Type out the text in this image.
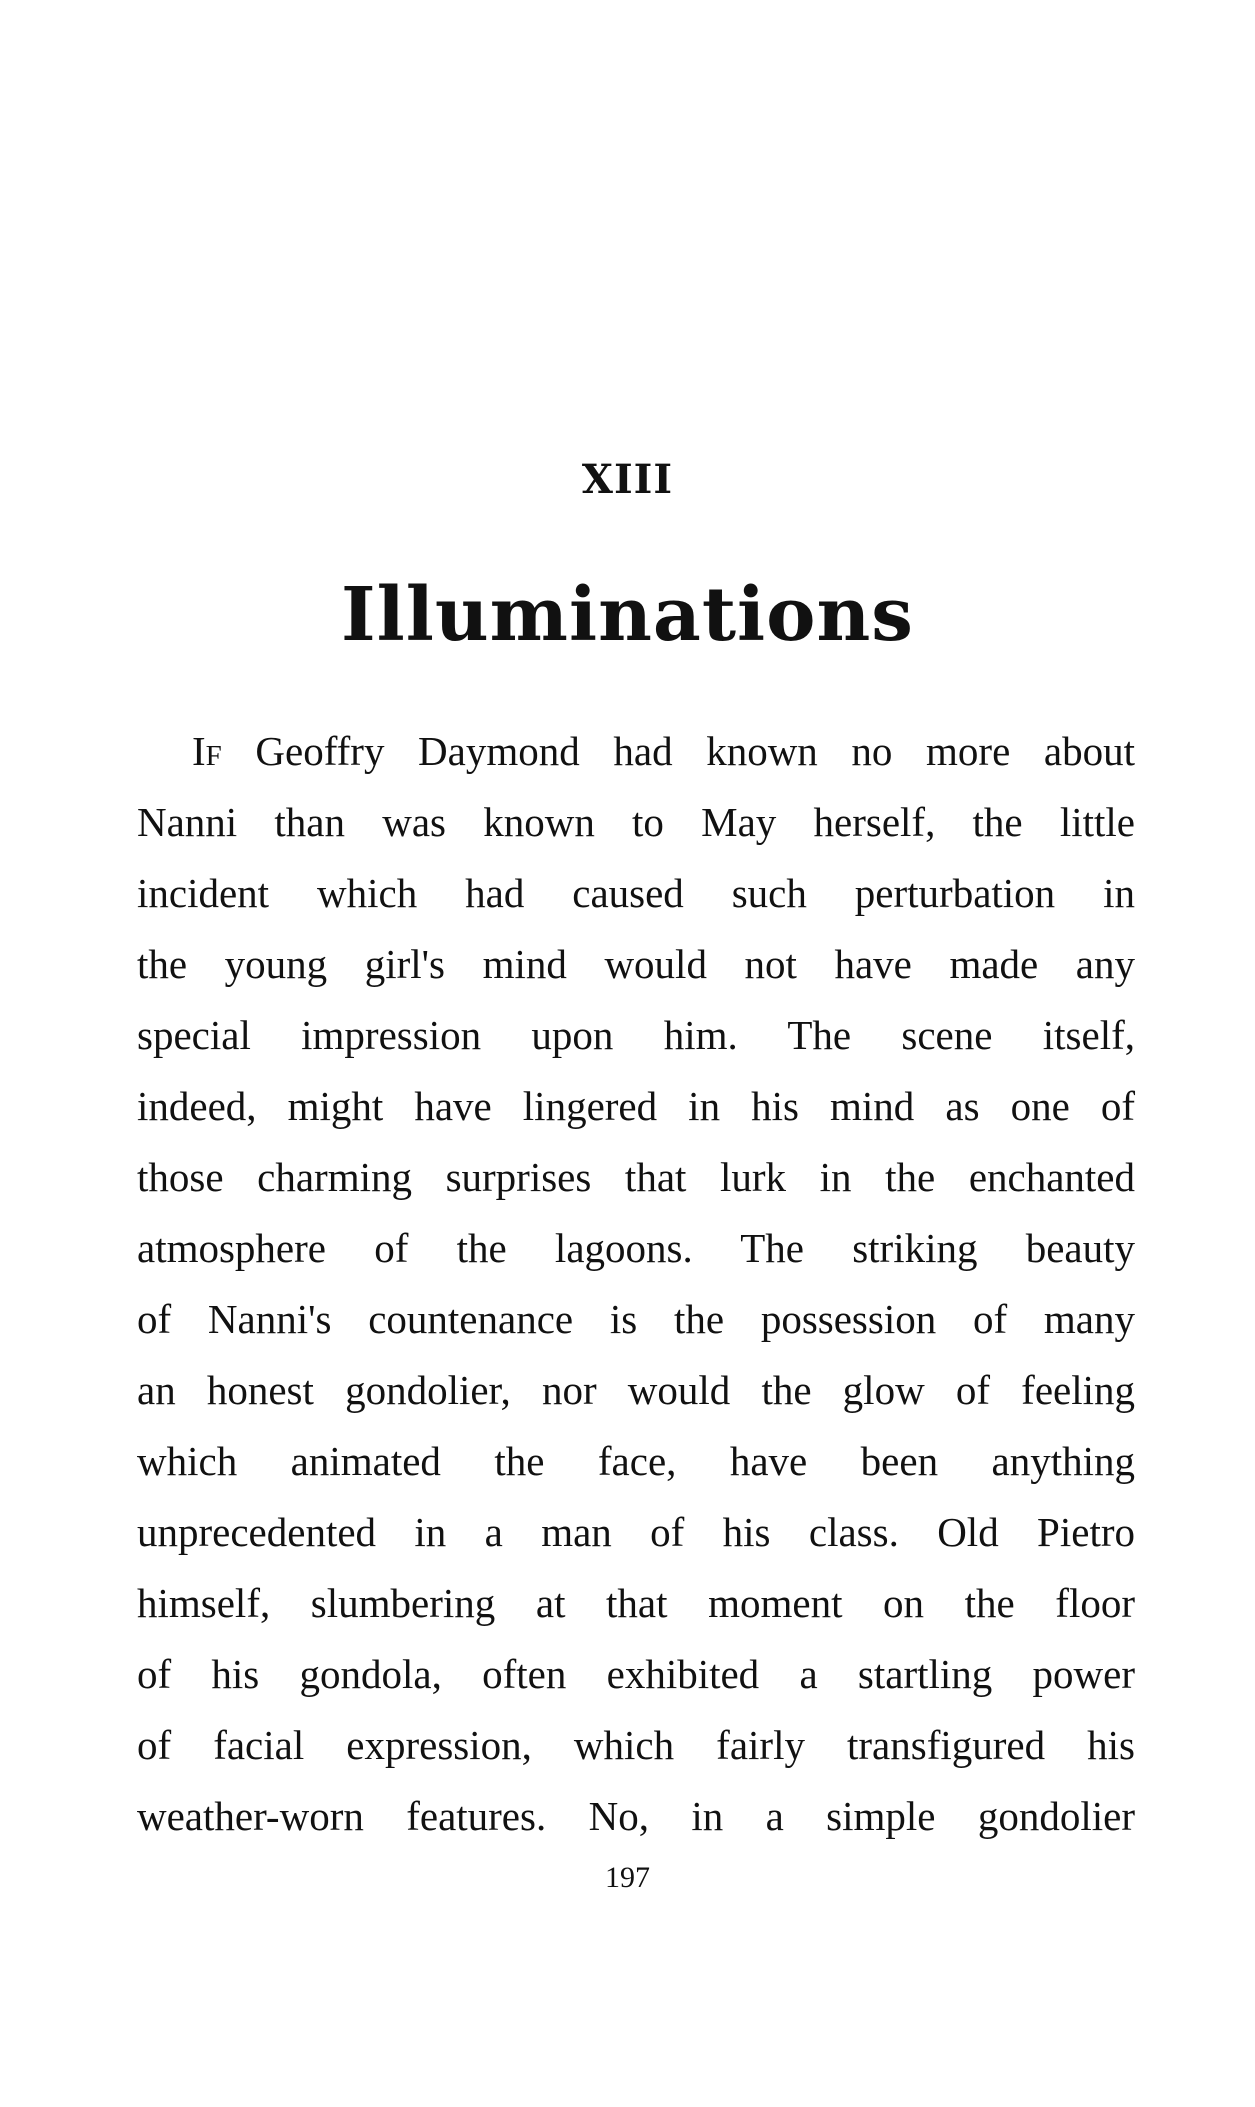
XIII
Illuminations
If Geoffry Daymond had known no more about
Nanni than was known to May herself, the little
incident which had caused such perturbation in
the young girl's mind would not have made any
special impression upon him. The scene itself,
indeed, might have lingered in his mind as one of
those charming surprises that lurk in the enchanted
atmosphere of the lagoons. The striking beauty
of Nanni's countenance is the possession of many
an honest gondolier, nor would the glow of feeling
which animated the face, have been anything
unprecedented in a man of his class. Old Pietro
himself, slumbering at that moment on the floor
of his gondola, often exhibited a startling power
of facial expression, which fairly transfigured his
weather-worn features. No, in a simple gondolier
197
